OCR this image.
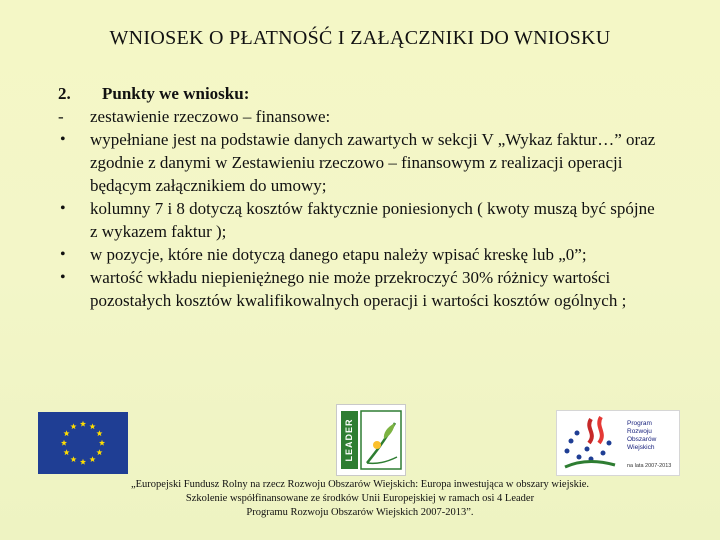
WNIOSEK O PŁATNOŚĆ I ZAŁĄCZNIKI DO WNIOSKU
2.	Punkty we wniosku:
-	zestawienie rzeczowo – finansowe:
•	wypełniane jest na podstawie danych zawartych w sekcji V „Wykaz faktur…” oraz zgodnie z danymi w Zestawieniu rzeczowo – finansowym z realizacji operacji będącym załącznikiem do umowy;
•	kolumny 7 i 8 dotyczą kosztów faktycznie poniesionych ( kwoty muszą być spójne z wykazem faktur );
•	w pozycje, które nie dotyczą danego etapu należy wpisać kreskę lub „0”;
•	wartość wkładu niepieniężnego nie może przekroczyć 30% różnicy wartości pozostałych kosztów kwalifikowalnych operacji i wartości kosztów ogólnych ;
LEADER	Program
Rozwoju
Obszarów
Wiejskich
na lata 2007-2013
„Europejski Fundusz Rolny na rzecz Rozwoju Obszarów Wiejskich: Europa inwestująca w obszary wiejskie.
Szkolenie współfinansowane ze środków Unii Europejskiej w ramach osi 4 Leader
Programu Rozwoju Obszarów Wiejskich 2007-2013”.
